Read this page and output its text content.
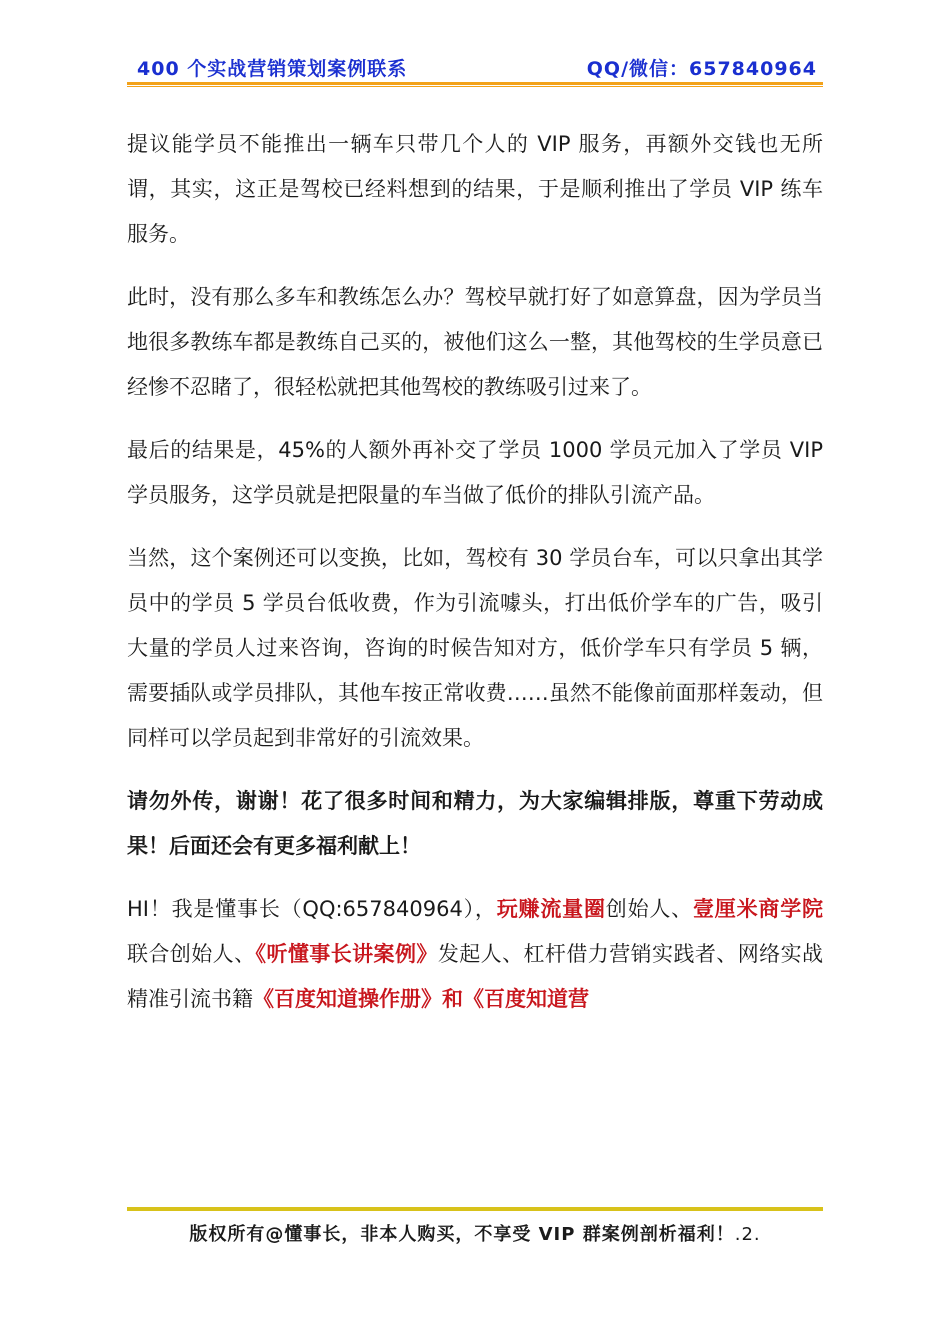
400 个实战营销策划案例联系	QQ/微信：657840964

提议能学员不能推出一辆车只带几个人的 VIP 服务，再额外交钱也无所谓，其实，这正是驾校已经料想到的结果，于是顺利推出了学员 VIP 练车服务。

此时，没有那么多车和教练怎么办？驾校早就打好了如意算盘，因为学员当地很多教练车都是教练自己买的，被他们这么一整，其他驾校的生学员意已经惨不忍睹了，很轻松就把其他驾校的教练吸引过来了。

最后的结果是，45%的人额外再补交了学员 1000 学员元加入了学员 VIP 学员服务，这学员就是把限量的车当做了低价的排队引流产品。

当然，这个案例还可以变换，比如，驾校有 30 学员台车，可以只拿出其学员中的学员 5 学员台低收费，作为引流噱头，打出低价学车的广告，吸引大量的学员人过来咨询，咨询的时候告知对方，低价学车只有学员 5 辆，需要插队或学员排队，其他车按正常收费……虽然不能像前面那样轰动，但同样可以学员起到非常好的引流效果。

请勿外传，谢谢！花了很多时间和精力，为大家编辑排版，尊重下劳动成果！后面还会有更多福利献上！

HI！我是懂事长（QQ:657840964），玩赚流量圈创始人、壹厘米商学院联合创始人、《听懂事长讲案例》发起人、杠杆借力营销实践者、网络实战精准引流书籍《百度知道操作册》和《百度知道营

版权所有@懂事长，非本人购买，不享受 VIP 群案例剖析福利！.2.
